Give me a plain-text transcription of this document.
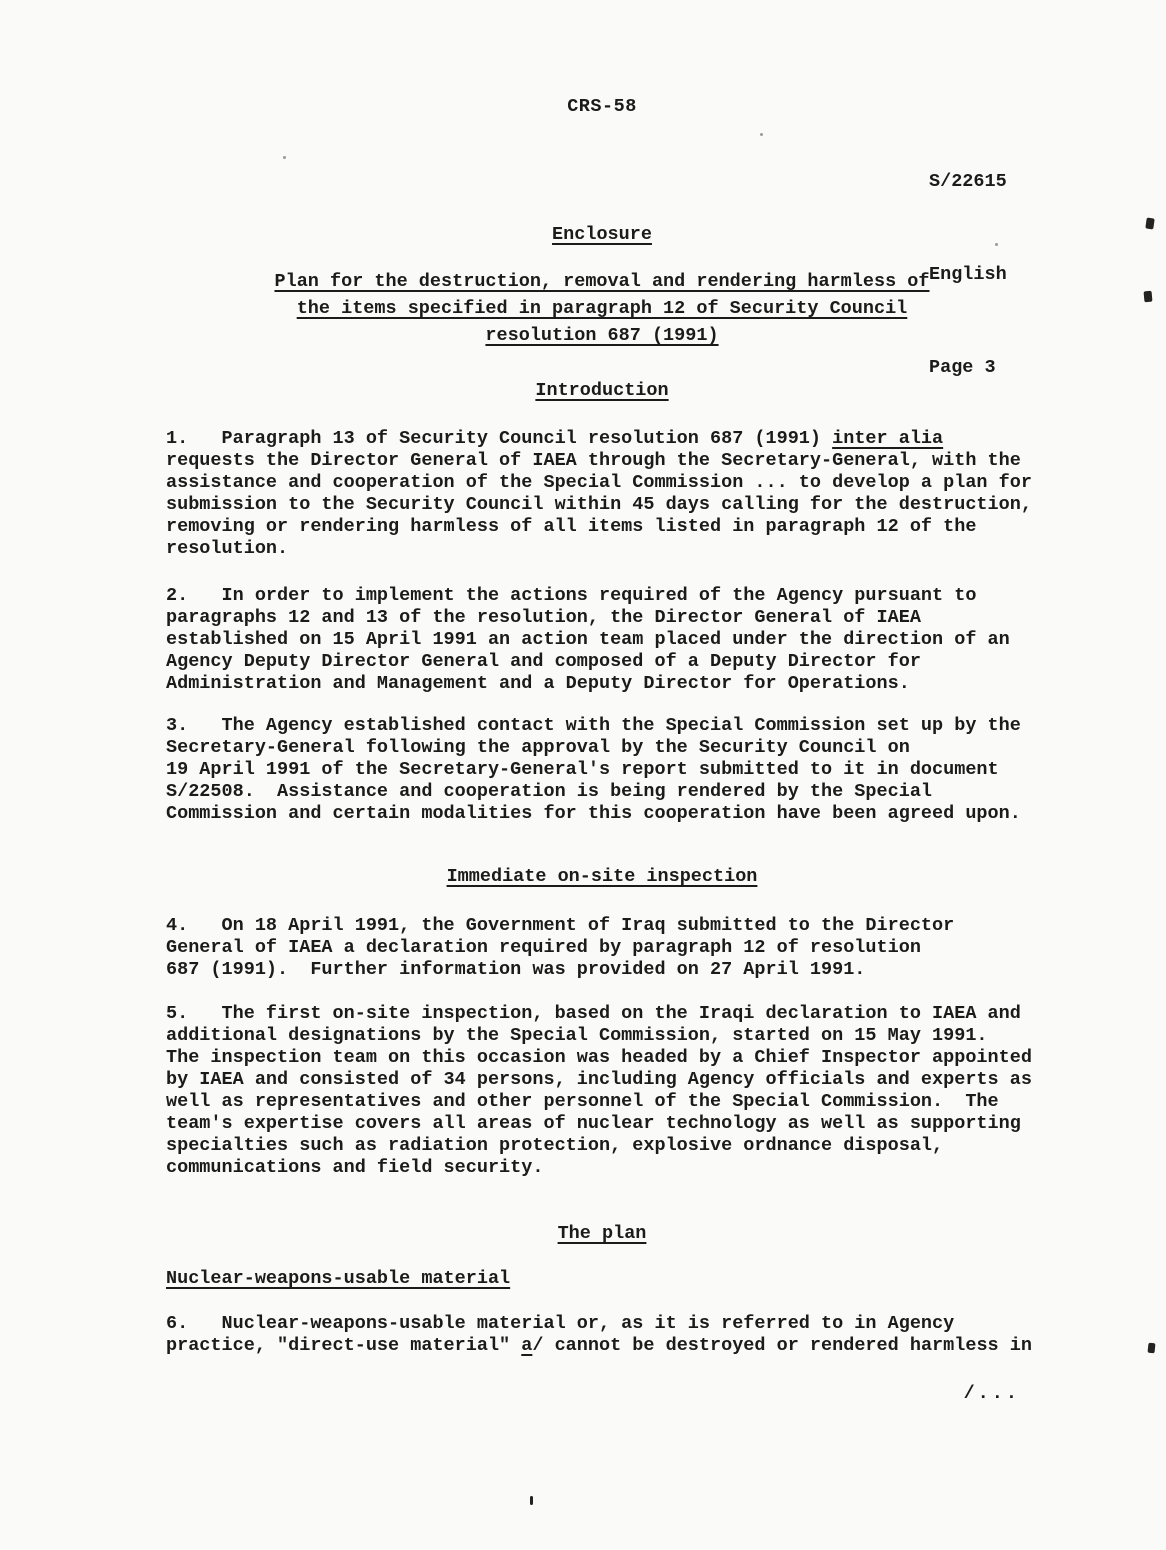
CRS-58

S/22615

English

Page 3

Enclosure
Plan for the destruction, removal and rendering harmless of
the items specified in paragraph 12 of Security Council
resolution 687 (1991)
Introduction

1.   Paragraph 13 of Security Council resolution 687 (1991) inter alia
requests the Director General of IAEA through the Secretary-General, with the
assistance and cooperation of the Special Commission ... to develop a plan for
submission to the Security Council within 45 days calling for the destruction,
removing or rendering harmless of all items listed in paragraph 12 of the
resolution.

2.   In order to implement the actions required of the Agency pursuant to
paragraphs 12 and 13 of the resolution, the Director General of IAEA
established on 15 April 1991 an action team placed under the direction of an
Agency Deputy Director General and composed of a Deputy Director for
Administration and Management and a Deputy Director for Operations.

3.   The Agency established contact with the Special Commission set up by the
Secretary-General following the approval by the Security Council on
19 April 1991 of the Secretary-General's report submitted to it in document
S/22508.  Assistance and cooperation is being rendered by the Special
Commission and certain modalities for this cooperation have been agreed upon.

Immediate on-site inspection

4.   On 18 April 1991, the Government of Iraq submitted to the Director
General of IAEA a declaration required by paragraph 12 of resolution
687 (1991).  Further information was provided on 27 April 1991.

5.   The first on-site inspection, based on the Iraqi declaration to IAEA and
additional designations by the Special Commission, started on 15 May 1991.
The inspection team on this occasion was headed by a Chief Inspector appointed
by IAEA and consisted of 34 persons, including Agency officials and experts as
well as representatives and other personnel of the Special Commission.  The
team's expertise covers all areas of nuclear technology as well as supporting
specialties such as radiation protection, explosive ordnance disposal,
communications and field security.

The plan
Nuclear-weapons-usable material

6.   Nuclear-weapons-usable material or, as it is referred to in Agency
practice, "direct-use material" a/ cannot be destroyed or rendered harmless in

/...
